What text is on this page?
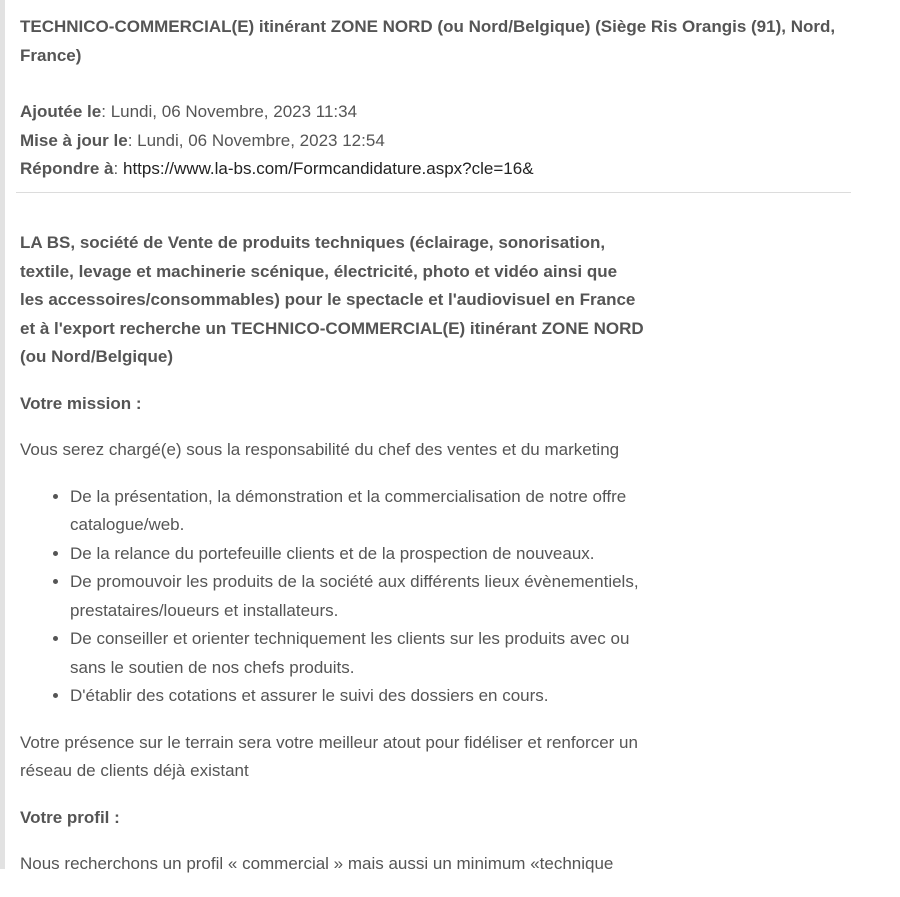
TECHNICO-COMMERCIAL(E) itinérant ZONE NORD (ou Nord/Belgique) (Siège Ris Orangis (91), Nord, France)
Ajoutée le: Lundi, 06 Novembre, 2023 11:34
Mise à jour le: Lundi, 06 Novembre, 2023 12:54
Répondre à: https://www.la-bs.com/Formcandidature.aspx?cle=16&

LA BS, société de Vente de produits techniques (éclairage, sonorisation, textile, levage et machinerie scénique, électricité, photo et vidéo ainsi que les accessoires/consommables) pour le spectacle et l'audiovisuel en France et à l'export recherche un TECHNICO-COMMERCIAL(E) itinérant ZONE NORD (ou Nord/Belgique)

Votre mission :

Vous serez chargé(e) sous la responsabilité du chef des ventes et du marketing

• De la présentation, la démonstration et la commercialisation de notre offre catalogue/web.
• De la relance du portefeuille clients et de la prospection de nouveaux.
• De promouvoir les produits de la société aux différents lieux évènementiels, prestataires/loueurs et installateurs.
• De conseiller et orienter techniquement les clients sur les produits avec ou sans le soutien de nos chefs produits.
• D'établir des cotations et assurer le suivi des dossiers en cours.

Votre présence sur le terrain sera votre meilleur atout pour fidéliser et renforcer un réseau de clients déjà existant

Votre profil :

Nous recherchons un profil « commercial » mais aussi un minimum «technique
